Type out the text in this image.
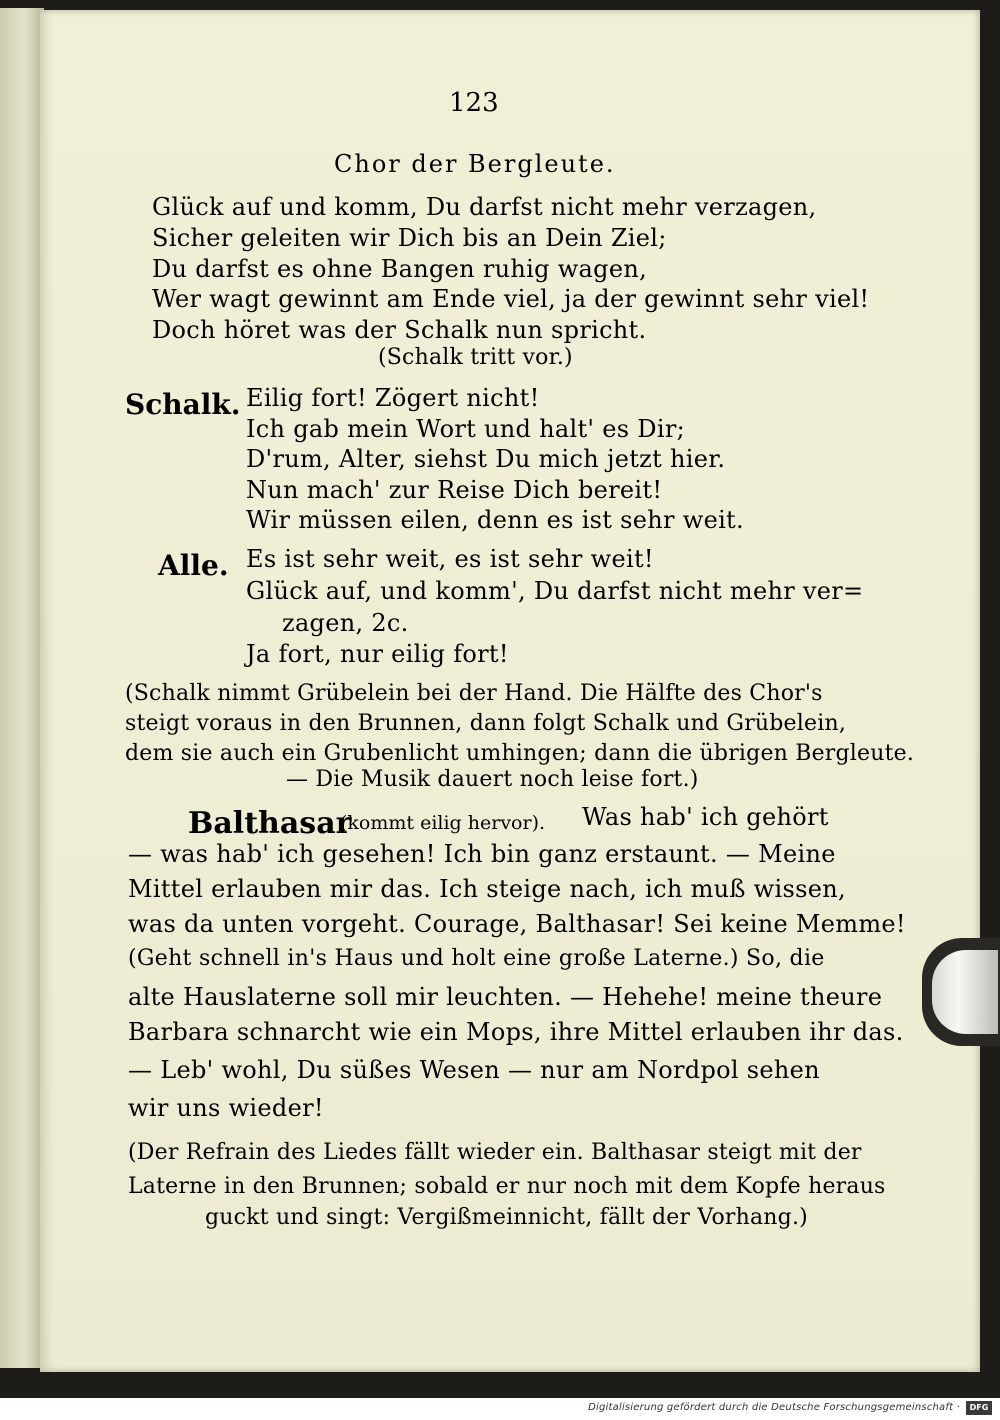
123
Chor der Bergleute.
Glück auf und komm, Du darfst nicht mehr verzagen,
Sicher geleiten wir Dich bis an Dein Ziel;
Du darfst es ohne Bangen ruhig wagen,
Wer wagt gewinnt am Ende viel, ja der gewinnt sehr viel!
Doch höret was der Schalk nun spricht.
(Schalk tritt vor.)
Schalk. Eilig fort! Zögert nicht!
Ich gab mein Wort und halt' es Dir;
D'rum, Alter, siehst Du mich jetzt hier.
Nun mach' zur Reise Dich bereit!
Wir müssen eilen, denn es ist sehr weit.
Alle. Es ist sehr weit, es ist sehr weit!
Glück auf, und komm', Du darfst nicht mehr ver=
zagen, 2c.
Ja fort, nur eilig fort!
(Schalk nimmt Grübelein bei der Hand. Die Hälfte des Chor's
steigt voraus in den Brunnen, dann folgt Schalk und Grübelein,
dem sie auch ein Grubenlicht umhingen; dann die übrigen Bergleute.
— Die Musik dauert noch leise fort.)
Balthasar
(kommt eilig hervor). Was hab' ich gehört
— was hab' ich gesehen! Ich bin ganz erstaunt. — Meine
Mittel erlauben mir das. Ich steige nach, ich muß wissen,
was da unten vorgeht. Courage, Balthasar! Sei keine Memme!
(Geht schnell in's Haus und holt eine große Laterne.) So, die
alte Hauslaterne soll mir leuchten. — Hehehe! meine theure
Barbara schnarcht wie ein Mops, ihre Mittel erlauben ihr das.
— Leb' wohl, Du süßes Wesen — nur am Nordpol sehen
wir uns wieder!
(Der Refrain des Liedes fällt wieder ein. Balthasar steigt mit der
Laterne in den Brunnen; sobald er nur noch mit dem Kopfe heraus
guckt und singt: Vergißmeinnicht, fällt der Vorhang.)
Digitalisierung gefördert durch die Deutsche Forschungsgemeinschaft ·	DFG
